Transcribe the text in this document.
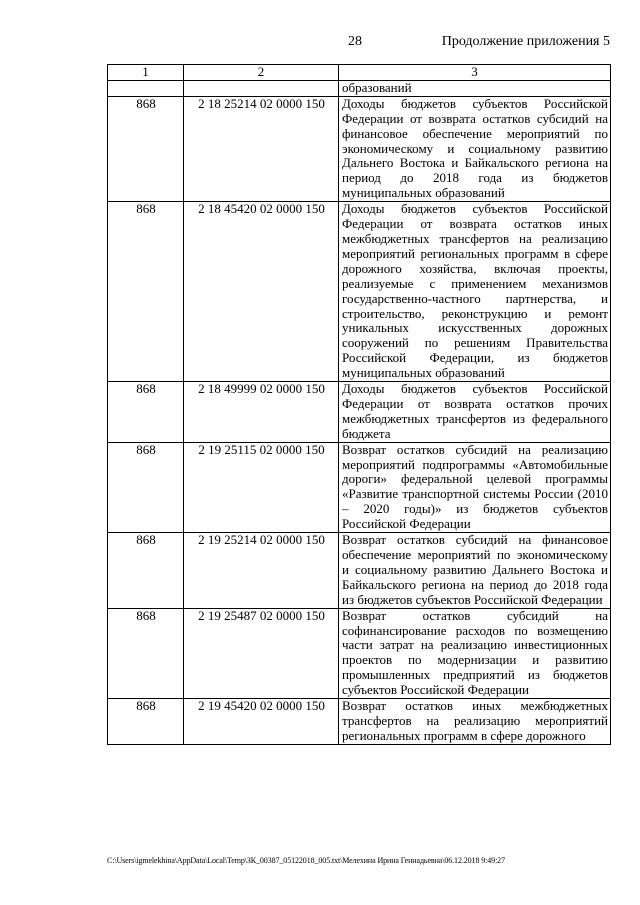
28	Продолжение приложения 5
1	2	3
		образований
868	2 18 25214 02 0000 150	Доходы бюджетов субъектов Российской Федерации от возврата остатков субсидий на финансовое обеспечение мероприятий по экономическому и социальному развитию Дальнего Востока и Байкальского региона на период до 2018 года из бюджетов муниципальных образований
868	2 18 45420 02 0000 150	Доходы бюджетов субъектов Российской Федерации от возврата остатков иных межбюджетных трансфертов на реализацию мероприятий региональных программ в сфере дорожного хозяйства, включая проекты, реализуемые с применением механизмов государственно-частного партнерства, и строительство, реконструкцию и ремонт уникальных искусственных дорожных сооружений по решениям Правительства Российской Федерации, из бюджетов муниципальных образований
868	2 18 49999 02 0000 150	Доходы бюджетов субъектов Российской Федерации от возврата остатков прочих межбюджетных трансфертов из федерального бюджета
868	2 19 25115 02 0000 150	Возврат остатков субсидий на реализацию мероприятий подпрограммы «Автомобильные дороги» федеральной целевой программы «Развитие транспортной системы России (2010 – 2020 годы)» из бюджетов субъектов Российской Федерации
868	2 19 25214 02 0000 150	Возврат остатков субсидий на финансовое обеспечение мероприятий по экономическому и социальному развитию Дальнего Востока и Байкальского региона на период до 2018 года из бюджетов субъектов Российской Федерации
868	2 19 25487 02 0000 150	Возврат остатков субсидий на софинансирование расходов по возмещению части затрат на реализацию инвестиционных проектов по модернизации и развитию промышленных предприятий из бюджетов субъектов Российской Федерации
868	2 19 45420 02 0000 150	Возврат остатков иных межбюджетных трансфертов на реализацию мероприятий региональных программ в сфере дорожного
C:\Users\igmelekhina\AppData\Local\Temp\ЗК_00387_05122018_005.txt\Мелехина Ирина Геннадьевна\06.12.2018 9:49:27
